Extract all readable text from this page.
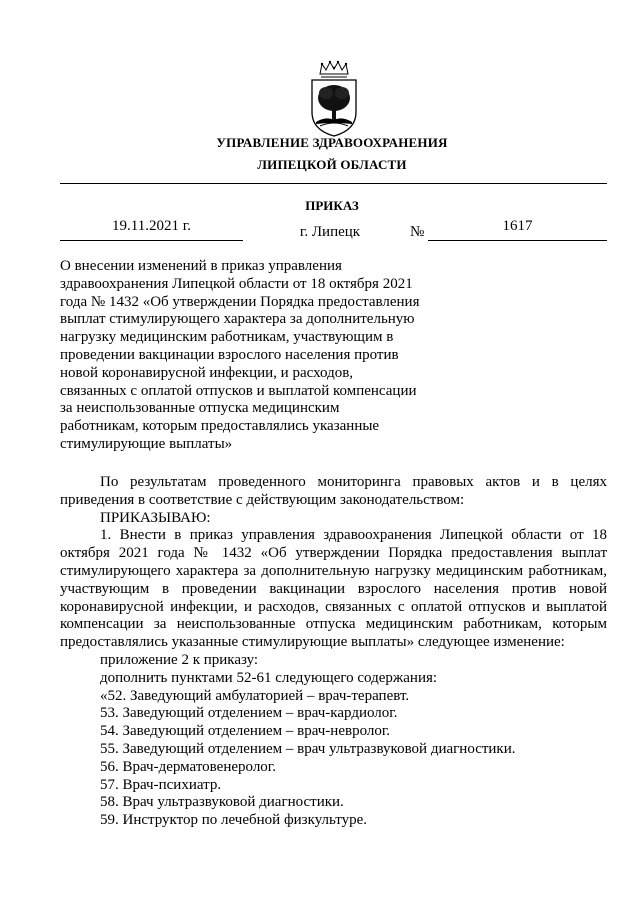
УПРАВЛЕНИЕ ЗДРАВООХРАНЕНИЯ
ЛИПЕЦКОЙ ОБЛАСТИ
ПРИКАЗ
19.11.2021 г.	г. Липецк	№	1617
О внесении изменений в приказ управления здравоохранения Липецкой области от 18 октября 2021 года № 1432 «Об утверждении Порядка предоставления выплат стимулирующего характера за дополнительную нагрузку медицинским работникам, участвующим в проведении вакцинации взрослого населения против новой коронавирусной инфекции, и расходов, связанных с оплатой отпусков и выплатой компенсации за неиспользованные отпуска медицинским работникам, которым предоставлялись указанные стимулирующие выплаты»

По результатам проведенного мониторинга правовых актов и в целях приведения в соответствие с действующим законодательством:

ПРИКАЗЫВАЮ:

1. Внести в приказ управления здравоохранения Липецкой области от 18 октября 2021 года № 1432 «Об утверждении Порядка предоставления выплат стимулирующего характера за дополнительную нагрузку медицинским работникам, участвующим в проведении вакцинации взрослого населения против новой коронавирусной инфекции, и расходов, связанных с оплатой отпусков и выплатой компенсации за неиспользованные отпуска медицинским работникам, которым предоставлялись указанные стимулирующие выплаты» следующее изменение:

приложение 2 к приказу:

дополнить пунктами 52-61 следующего содержания:

«52. Заведующий амбулаторией – врач-терапевт.

53. Заведующий отделением – врач-кардиолог.

54. Заведующий отделением – врач-невролог.

55. Заведующий отделением – врач ультразвуковой диагностики.

56. Врач-дерматовенеролог.

57. Врач-психиатр.

58. Врач ультразвуковой диагностики.

59. Инструктор по лечебной физкультуре.
